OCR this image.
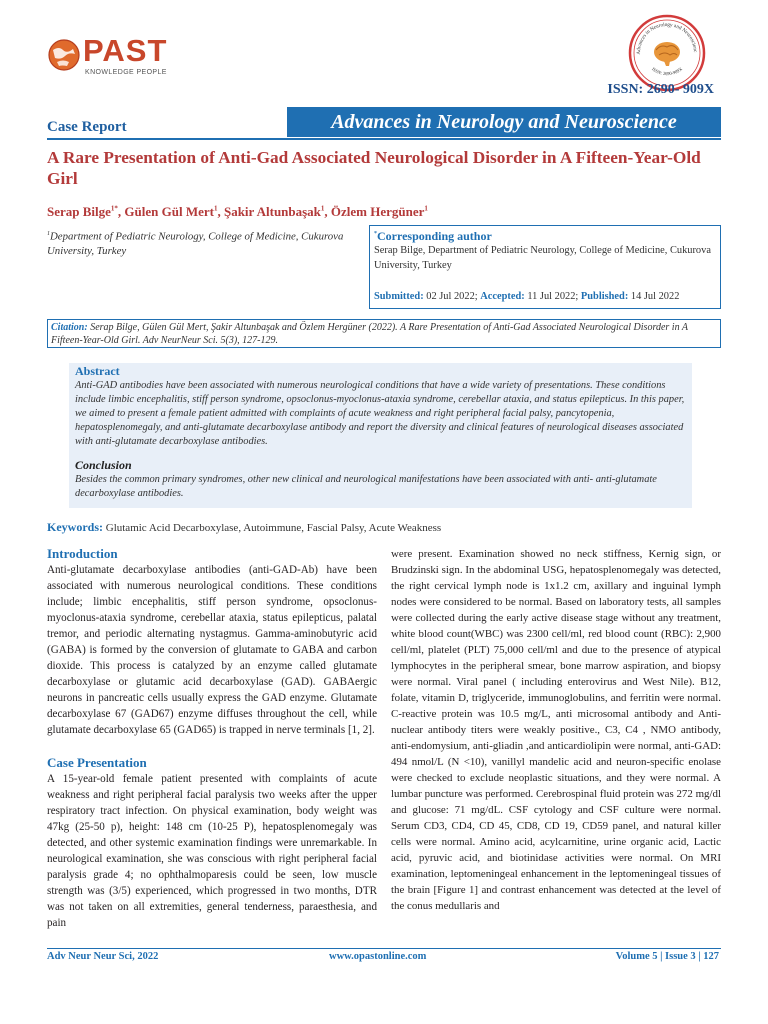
PAST
KNOWLEDGE PEOPLE
Advances in Neurology and Neuroscienc
ISSN: 2690-909X
ISSN: 2690- 909X
Case Report	Advances in Neurology and Neuroscience
A Rare Presentation of Anti-Gad Associated Neurological Disorder in A Fifteen-Year-Old Girl
Serap Bilge$^{1*}$, Gülen Gül Mert$^1$, Şakir Altunbaşak$^1$, Özlem Hergüner$^1$
$^1$Department of Pediatric Neurology, College of Medicine, Cukurova University, Turkey
*Corresponding author
Serap Bilge, Department of Pediatric Neurology, College of Medicine, Cukurova University, Turkey
Submitted: 02 Jul 2022; Accepted: 11 Jul 2022; Published: 14 Jul 2022
Citation: Serap Bilge, Gülen Gül Mert, Şakir Altunbaşak and Özlem Hergüner (2022). A Rare Presentation of Anti-Gad Associated Neurological Disorder in A Fifteen-Year-Old Girl. Adv NeurNeur Sci. 5(3), 127-129.
Abstract
Anti-GAD antibodies have been associated with numerous neurological conditions that have a wide variety of presentations. These conditions include limbic encephalitis, stiff person syndrome, opsoclonus-myoclonus-ataxia syndrome, cerebellar ataxia, and status epilepticus. In this paper, we aimed to present a female patient admitted with complaints of acute weakness and right peripheral facial palsy, pancytopenia, hepatosplenomegaly, and anti-glutamate decarboxylase antibody and report the diversity and clinical features of neurological diseases associated with anti-glutamate decarboxylase antibodies.
Conclusion
Besides the common primary syndromes, other new clinical and neurological manifestations have been associated with anti- anti-glutamate decarboxylase antibodies.
Keywords: Glutamic Acid Decarboxylase, Autoimmune, Fascial Palsy, Acute Weakness
Introduction
Anti-glutamate decarboxylase antibodies (anti-GAD-Ab) have been associated with numerous neurological conditions. These conditions include; limbic encephalitis, stiff person syndrome, opsoclonus-myoclonus-ataxia syndrome, cerebellar ataxia, status epilepticus, palatal tremor, and periodic alternating nystagmus. Gamma-aminobutyric acid (GABA) is formed by the conversion of glutamate to GABA and carbon dioxide. This process is catalyzed by an enzyme called glutamate decarboxylase or glutamic acid decarboxylase (GAD). GABAergic neurons in pancreatic cells usually express the GAD enzyme. Glutamate decarboxylase 67 (GAD67) enzyme diffuses throughout the cell, while glutamate decarboxylase 65 (GAD65) is trapped in nerve terminals [1, 2].
Case Presentation
A 15-year-old female patient presented with complaints of acute weakness and right peripheral facial paralysis two weeks after the upper respiratory tract infection. On physical examination, body weight was 47kg (25-50 p), height: 148 cm (10-25 P), hepatosplenomegaly was detected, and other systemic examination findings were unremarkable. In neurological examination, she was conscious with right peripheral facial paralysis grade 4; no ophthalmoparesis could be seen, low muscle strength was (3/5) experienced, which progressed in two months, DTR was not taken on all extremities, general tenderness, paraesthesia, and pain
were present. Examination showed no neck stiffness, Kernig sign, or Brudzinski sign. In the abdominal USG, hepatosplenomegaly was detected, the right cervical lymph node is 1x1.2 cm, axillary and inguinal lymph nodes were considered to be normal. Based on laboratory tests, all samples were collected during the early active disease stage without any treatment, white blood count(WBC) was 2300 cell/ml, red blood count (RBC): 2,900 cell/ml, platelet (PLT) 75,000 cell/ml and due to the presence of atypical lymphocytes in the peripheral smear, bone marrow aspiration, and biopsy were normal. Viral panel ( including enterovirus and West Nile). B12, folate, vitamin D, triglyceride, immunoglobulins, and ferritin were normal. C-reactive protein was 10.5 mg/L, anti microsomal antibody and Anti-nuclear antibody titers were weakly positive., C3, C4 , NMO antibody, anti-endomysium, anti-gliadin ,and anticardiolipin were normal, anti-GAD: 494 nmol/L (N <10), vanillyl mandelic acid and neuron-specific enolase were checked to exclude neoplastic situations, and they were normal. A lumbar puncture was performed. Cerebrospinal fluid protein was 272 mg/dl and glucose: 71 mg/dL. CSF cytology and CSF culture were normal. Serum CD3, CD4, CD 45, CD8, CD 19, CD59 panel, and natural killer cells were normal. Amino acid, acylcarnitine, urine organic acid, Lactic acid, pyruvic acid, and biotinidase activities were normal. On MRI examination, leptomeningeal enhancement in the leptomeningeal tissues of the brain [Figure 1] and contrast enhancement was detected at the level of the conus medullaris and
Adv Neur Neur Sci, 2022	www.opastonline.com	Volume 5 | Issue 3 | 127
